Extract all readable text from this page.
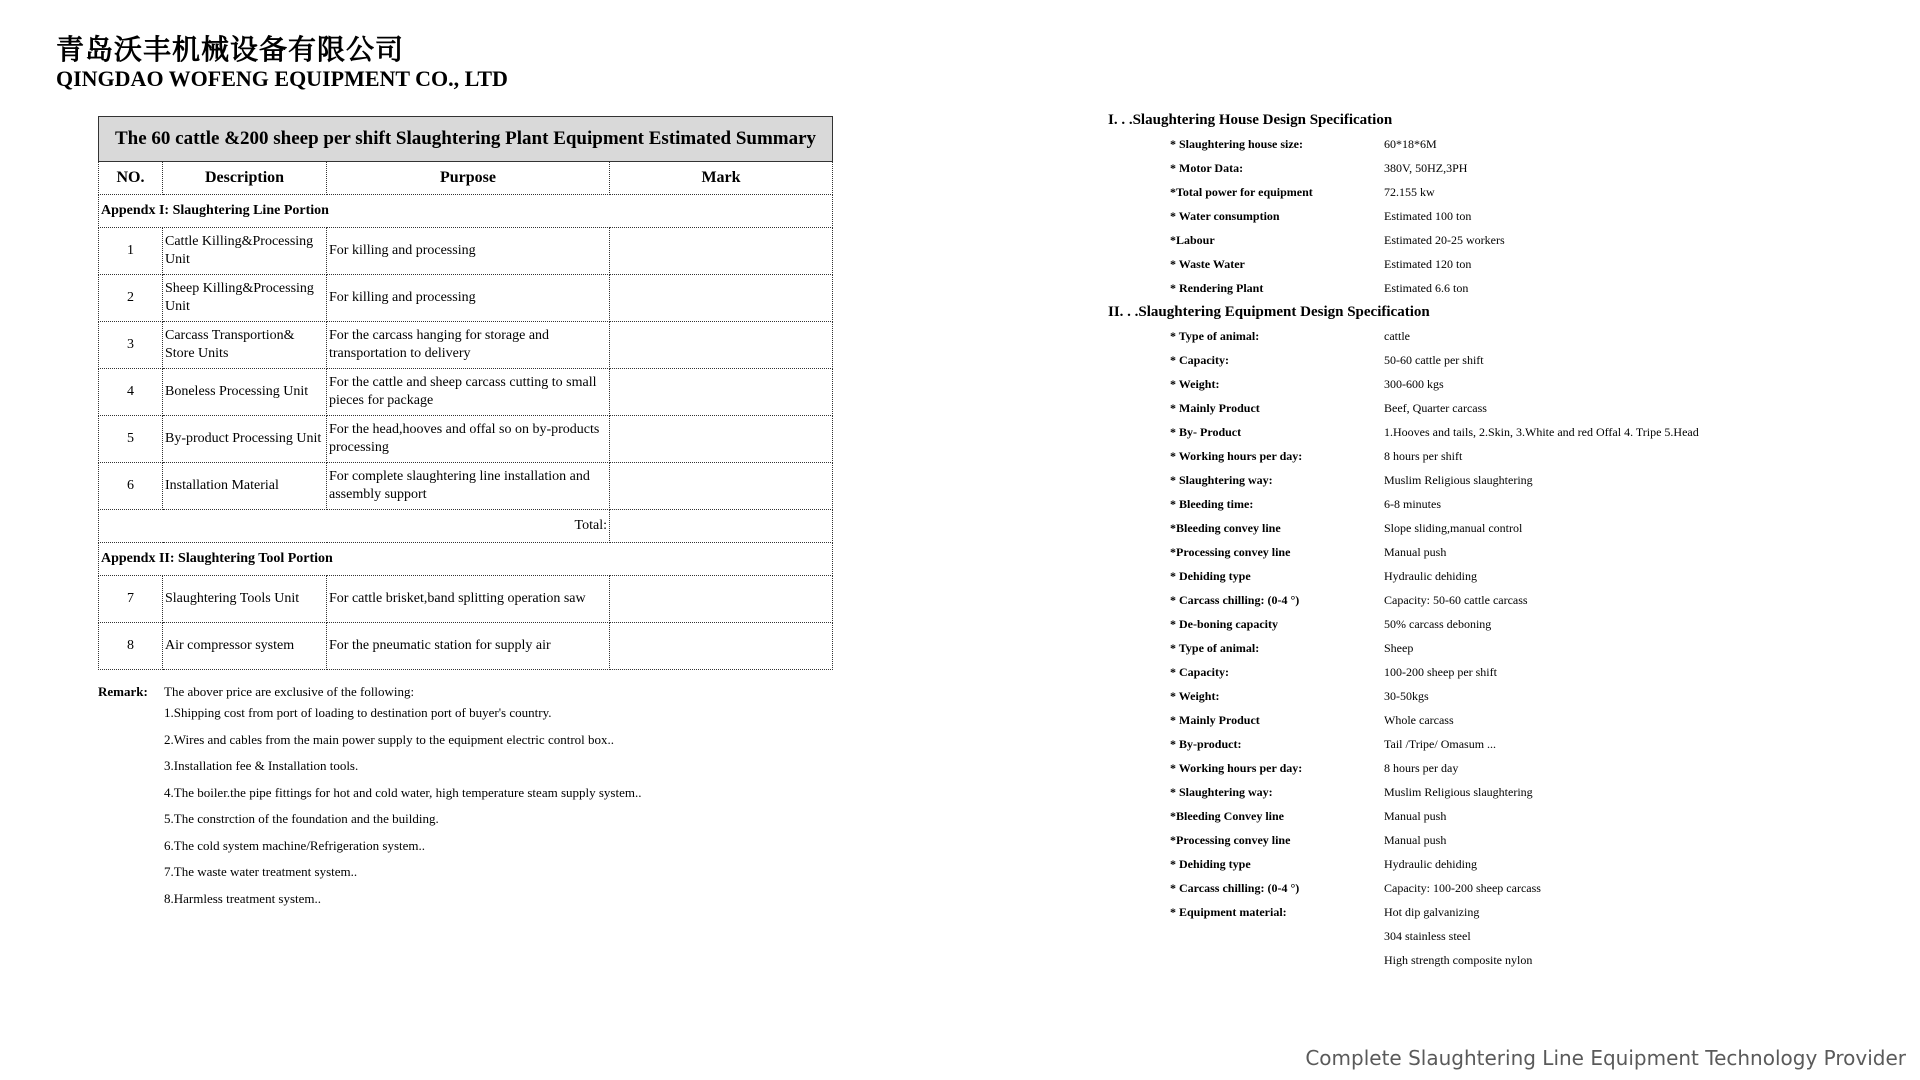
青岛沃丰机械设备有限公司
QINGDAO WOFENG EQUIPMENT CO., LTD
The 60 cattle &200 sheep per shift Slaughtering Plant Equipment Estimated Summary			
NO.	Description	Purpose	Mark
Appendx I: Slaughtering Line Portion			
1	Cattle Killing&Processing Unit	For killing and processing	
2	Sheep Killing&Processing Unit	For killing and processing	
3	Carcass Transportion& Store Units	For the carcass hanging for storage and transportation to delivery	
4	Boneless Processing Unit	For the cattle and sheep carcass cutting to small pieces for package	
5	By-product Processing Unit	For the head,hooves and offal so on by-products processing	
6	Installation Material	For complete slaughtering line installation and assembly support	
Total:			
Appendx II: Slaughtering Tool Portion			
7	Slaughtering Tools Unit	For cattle brisket,band splitting operation saw	
8	Air compressor system	For the pneumatic station for supply air	
Remark:	The abover price are exclusive of the following:
1.Shipping cost from port of loading to destination port of buyer's country.
2.Wires and cables from the main power supply to the equipment electric control box..
3.Installation fee & Installation tools.
4.The boiler.the pipe fittings for hot and cold water, high temperature steam supply system..
5.The constrction of the foundation and the building.
6.The cold system machine/Refrigeration system..
7.The waste water treatment system..
8.Harmless treatment system..
I. . .Slaughtering House Design Specification
* Slaughtering house size:	60*18*6M
* Motor Data:	380V, 50HZ,3PH
*Total power for equipment	72.155 kw
* Water consumption	Estimated 100 ton
*Labour	Estimated 20-25 workers
* Waste Water	Estimated 120 ton
* Rendering Plant	Estimated 6.6 ton
II. . .Slaughtering Equipment Design Specification
* Type of animal:	cattle
* Capacity:	50-60 cattle per shift
* Weight:	300-600 kgs
* Mainly Product	Beef, Quarter carcass
* By- Product	1.Hooves and tails, 2.Skin, 3.White and red Offal 4. Tripe 5.Head
* Working hours per day:	8 hours per shift
* Slaughtering way:	Muslim Religious slaughtering
* Bleeding time:	6-8 minutes
*Bleeding convey line	Slope sliding,manual control
*Processing convey line	Manual push
* Dehiding type	Hydraulic dehiding
* Carcass chilling: (0-4 °)	Capacity: 50-60 cattle carcass
* De-boning capacity	50% carcass deboning
* Type of animal:	Sheep
* Capacity:	100-200 sheep per shift
* Weight:	30-50kgs
* Mainly Product	Whole carcass
* By-product:	Tail /Tripe/ Omasum ...
* Working hours per day:	8 hours per day
* Slaughtering way:	Muslim Religious slaughtering
*Bleeding Convey line	Manual push
*Processing convey line	Manual push
* Dehiding type	Hydraulic dehiding
* Carcass chilling: (0-4 °)	Capacity: 100-200 sheep carcass
* Equipment material:	Hot dip galvanizing
304 stainless steel
High strength composite nylon
Complete Slaughtering Line Equipment Technology Provider
